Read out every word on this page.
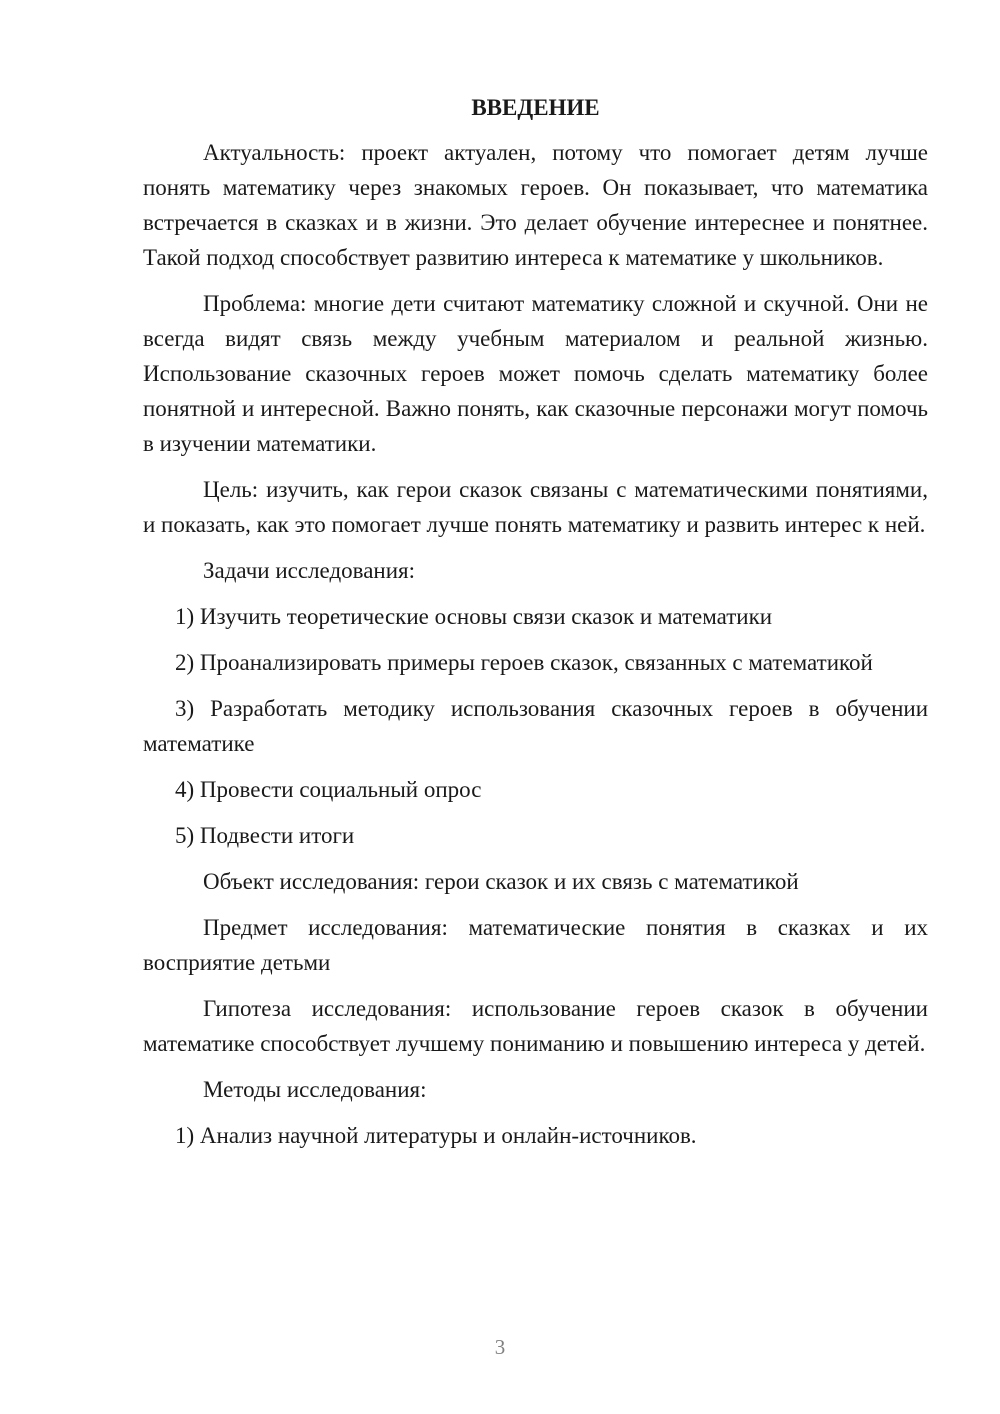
ВВЕДЕНИЕ

Актуальность: проект актуален, потому что помогает детям лучше понять математику через знакомых героев. Он показывает, что математика встречается в сказках и в жизни. Это делает обучение интереснее и понятнее. Такой подход способствует развитию интереса к математике у школьников.

Проблема: многие дети считают математику сложной и скучной. Они не всегда видят связь между учебным материалом и реальной жизнью. Использование сказочных героев может помочь сделать математику более понятной и интересной. Важно понять, как сказочные персонажи могут помочь в изучении математики.

Цель: изучить, как герои сказок связаны с математическими понятиями, и показать, как это помогает лучше понять математику и развить интерес к ней.

Задачи исследования:

1) Изучить теоретические основы связи сказок и математики

2) Проанализировать примеры героев сказок, связанных с математикой

3) Разработать методику использования сказочных героев в обучении математике

4) Провести социальный опрос

5) Подвести итоги

Объект исследования: герои сказок и их связь с математикой

Предмет исследования: математические понятия в сказках и их восприятие детьми

Гипотеза исследования: использование героев сказок в обучении математике способствует лучшему пониманию и повышению интереса у детей.

Методы исследования:

1) Анализ научной литературы и онлайн-источников.

3
